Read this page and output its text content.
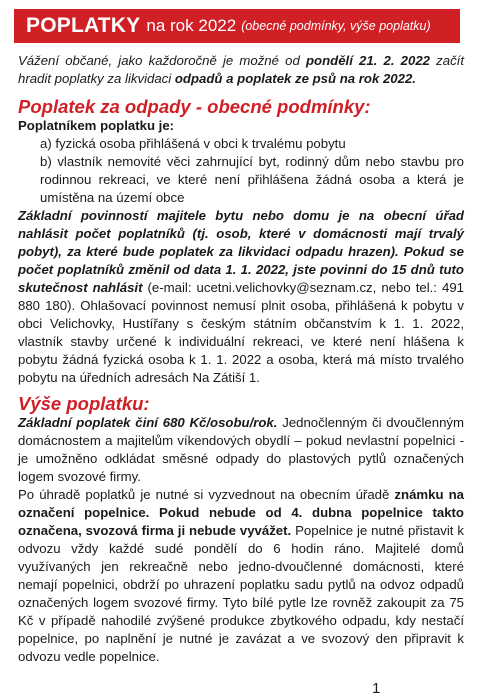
POPLATKY na rok 2022 (obecné podmínky, výše poplatku)

Vážení občané, jako každoročně je možné od pondělí 21. 2. 2022 začít hradit poplatky za likvidaci odpadů a poplatek ze psů na rok 2022.

Poplatek za odpady - obecné podmínky:

Poplatníkem poplatku je:

a) fyzická osoba přihlášená v obci k trvalému pobytu

b) vlastník nemovité věci zahrnující byt, rodinný dům nebo stavbu pro rodinnou rekreaci, ve které není přihlášena žádná osoba a která je umístěna na území obce

Základní povinností majitele bytu nebo domu je na obecní úřad nahlásit počet poplatníků (tj. osob, které v domácnosti mají trvalý pobyt), za které bude poplatek za likvidaci odpadu hrazen). Pokud se počet poplatníků změnil od data 1. 1. 2022, jste povinni do 15 dnů tuto skutečnost nahlásit (e-mail: ucetni.velichovky@seznam.cz, nebo tel.: 491 880 180). Ohlašovací povinnost nemusí plnit osoba, přihlášená k pobytu v obci Velichovky, Hustířany s českým státním občanstvím k 1. 1. 2022, vlastník stavby určené k individuální rekreaci, ve které není hlášena k pobytu žádná fyzická osoba k 1. 1. 2022 a osoba, která má místo trvalého pobytu na úředních adresách Na Zátiší 1.

Výše poplatku:

Základní poplatek činí 680 Kč/osobu/rok. Jednočlenným či dvoučlenným domácnostem a majitelům víkendových obydlí – pokud nevlastní popelnici - je umožněno odkládat směsné odpady do plastových pytlů označených logem svozové firmy.

Po úhradě poplatků je nutné si vyzvednout na obecním úřadě známku na označení popelnice. Pokud nebude od 4. dubna popelnice takto označena, svozová firma ji nebude vyvážet. Popelnice je nutné přistavit k odvozu vždy každé sudé pondělí do 6 hodin ráno. Majitelé domů využívaných jen rekreačně nebo jedno-dvoučlenné domácnosti, které nemají popelnici, obdrží po uhrazení poplatku sadu pytlů na odvoz odpadů označených logem svozové firmy. Tyto bílé pytle lze rovněž zakoupit za 75 Kč v případě nahodilé zvýšené produkce zbytkového odpadu, kdy nestačí popelnice, po naplnění je nutné je zavázat a ve svozový den připravit k odvozu vedle popelnice.

1
